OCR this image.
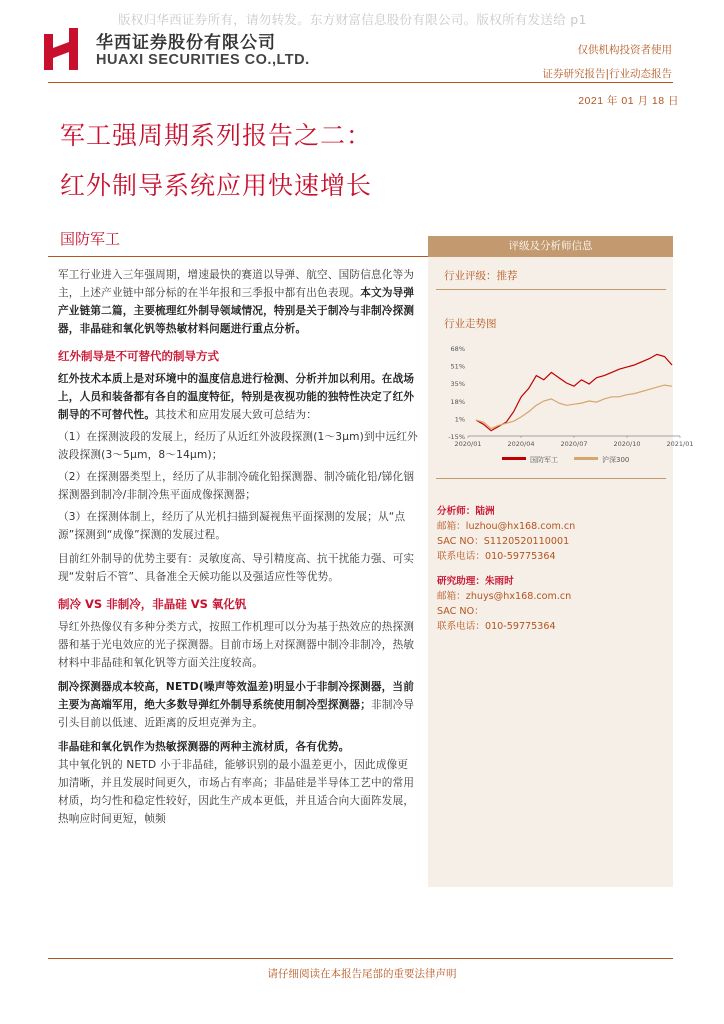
版权归华西证券所有，请勿转发。东方财富信息股份有限公司。版权所有发送给 p1
华西证券股份有限公司
HUAXI SECURITIES CO.,LTD.
仅供机构投资者使用
证券研究报告|行业动态报告
2021 年 01 月 18 日
军工强周期系列报告之二：
红外制导系统应用快速增长
国防军工	评级及分析师信息
行业评级：推荐
行业走势图
68%
51%
35%
18%
1%
-15%
2020/01	2020/04	2020/07	2020/10	2021/01
国防军工	沪深300
分析师：陆洲
邮箱：luzhou@hx168.com.cn
SAC NO：S1120520110001
联系电话：010-59775364
研究助理：朱雨时
邮箱：zhuys@hx168.com.cn
SAC NO：
联系电话：010-59775364

军工行业进入三年强周期，增速最快的赛道以导弹、航空、国防信息化等为主，上述产业链中部分标的在半年报和三季报中都有出色表现。本文为导弹产业链第二篇，主要梳理红外制导领域情况，特别是关于制冷与非制冷探测器，非晶硅和氧化钒等热敏材料问题进行重点分析。

红外制导是不可替代的制导方式

红外技术本质上是对环境中的温度信息进行检测、分析并加以利用。在战场上，人员和装备都有各自的温度特征，特别是夜视功能的独特性决定了红外制导的不可替代性。其技术和应用发展大致可总结为：

（1）在探测波段的发展上，经历了从近红外波段探测(1～3μm)到中远红外波段探测(3～5μm，8～14μm)；

（2）在探测器类型上，经历了从非制冷硫化铅探测器、制冷硫化铅/锑化铟探测器到制冷/非制冷焦平面成像探测器；

（3）在探测体制上，经历了从光机扫描到凝视焦平面探测的发展；从“点源”探测到“成像”探测的发展过程。

目前红外制导的优势主要有：灵敏度高、导引精度高、抗干扰能力强、可实现“发射后不管”、具备准全天候功能以及强适应性等优势。

制冷 VS 非制冷，非晶硅 VS 氧化钒

导红外热像仪有多种分类方式，按照工作机理可以分为基于热效应的热探测器和基于光电效应的光子探测器。目前市场上对探测器中制冷非制冷，热敏材料中非晶硅和氧化钒等方面关注度较高。

制冷探测器成本较高，NETD(噪声等效温差)明显小于非制冷探测器，当前主要为高端军用，绝大多数导弹红外制导系统使用制冷型探测器；非制冷导引头目前以低速、近距离的反坦克弹为主。

非晶硅和氧化钒作为热敏探测器的两种主流材质，各有优势。

其中氧化钒的 NETD 小于非晶硅，能够识别的最小温差更小，因此成像更加清晰，并且发展时间更久，市场占有率高；非晶硅是半导体工艺中的常用材质，均匀性和稳定性较好，因此生产成本更低，并且适合向大面阵发展，热响应时间更短，帧频

请仔细阅读在本报告尾部的重要法律声明
